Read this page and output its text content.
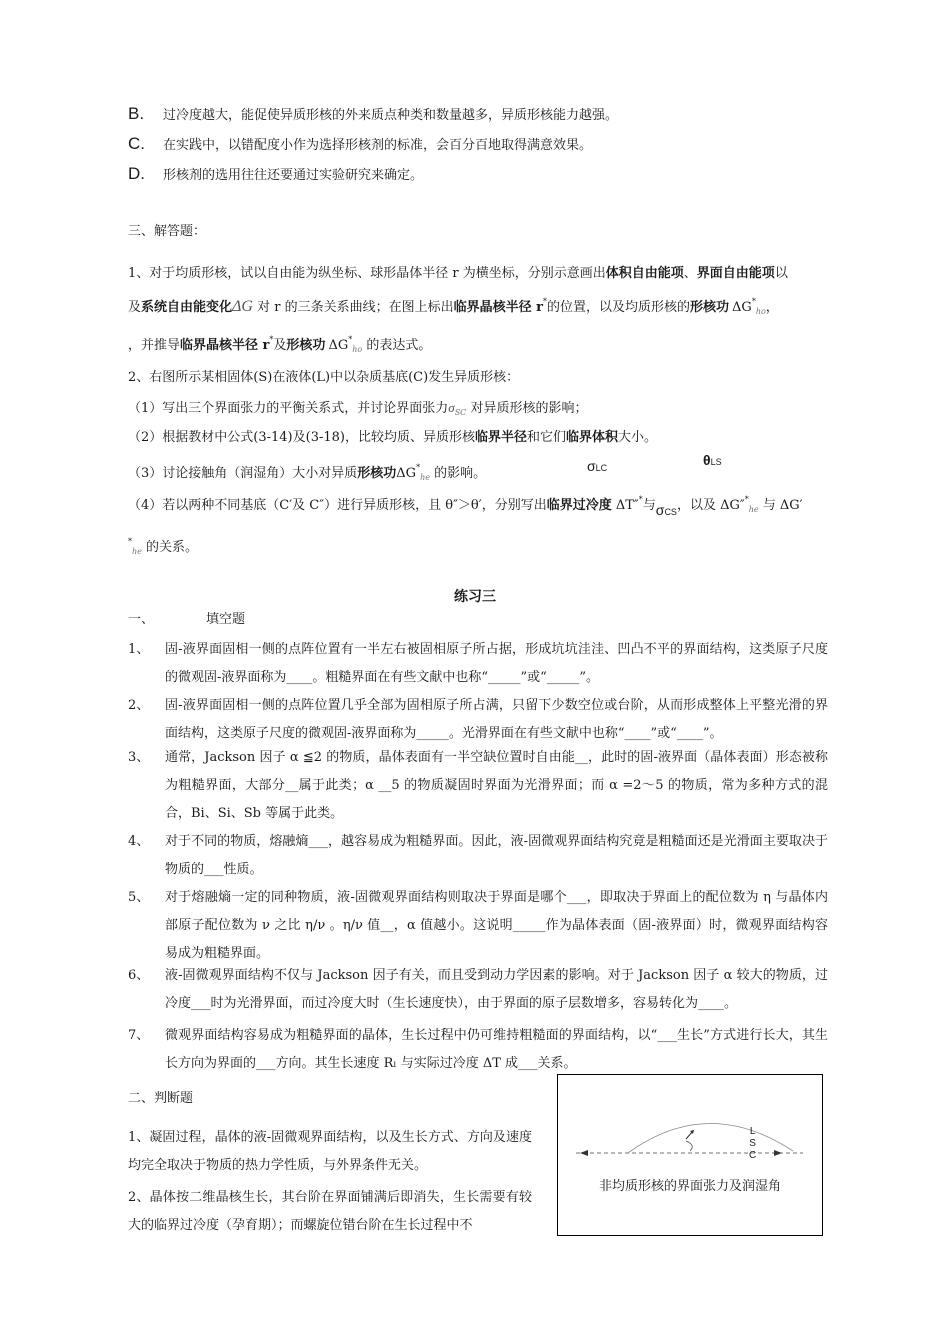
B.	过冷度越大，能促使异质形核的外来质点种类和数量越多，异质形核能力越强。
C.	在实践中，以错配度小作为选择形核剂的标准，会百分百地取得满意效果。
D.	形核剂的选用往往还要通过实验研究来确定。
三、解答题：
1、对于均质形核，试以自由能为纵坐标、球形晶体半径 r 为横坐标，分别示意画出体积自由能项、界面自由能项以
及系统自由能变化ΔG 对 r 的三条关系曲线；在图上标出临界晶核半径 r*的位置，以及均质形核的形核功 $\Delta G^*_{ho}$，
，并推导临界晶核半径 r*及形核功 $\Delta G^*_{ho}$ 的表达式。
2、右图所示某相固体(S)在液体(L)中以杂质基底(C)发生异质形核：
（1）写出三个界面张力的平衡关系式，并讨论界面张力$\sigma_{SC}$ 对异质形核的影响；
（2）根据教材中公式(3-14)及(3-18)，比较均质、异质形核临界半径和它们临界体积大小。
（3）讨论接触角（润湿角）大小对异质形核功$\Delta G^*_{he}$ 的影响。	σLC	θLS
（4）若以两种不同基底（C′及 C″）进行异质形核，且 θ″＞θ′，分别写出临界过冷度 ΔT″*与$\sigma_{CS}$，以及 $\Delta G''^*_{he}$ 与 ΔG′
*$_{he}$ 的关系。
练习三
一、	填空题
1、	固-液界面固相一侧的点阵位置有一半左右被固相原子所占据，形成坑坑洼洼、凹凸不平的界面结构，这类原子尺度的微观固-液界面称为____。粗糙界面在有些文献中也称“_____”或“_____”。
2、	固-液界面固相一侧的点阵位置几乎全部为固相原子所占满，只留下少数空位或台阶，从而形成整体上平整光滑的界面结构，这类原子尺度的微观固-液界面称为_____。光滑界面在有些文献中也称“____”或“____”。
3、	通常，Jackson 因子 α ≦2 的物质，晶体表面有一半空缺位置时自由能__，此时的固-液界面（晶体表面）形态被称为粗糙界面，大部分__属于此类；α __5 的物质凝固时界面为光滑界面；而 α =2～5 的物质，常为多种方式的混合，Bi、Si、Sb 等属于此类。
4、	对于不同的物质，熔融熵___，越容易成为粗糙界面。因此，液-固微观界面结构究竟是粗糙面还是光滑面主要取决于物质的___性质。
5、	对于熔融熵一定的同种物质，液-固微观界面结构则取决于界面是哪个___，即取决于界面上的配位数为 η 与晶体内部原子配位数为 ν 之比 η/ν 。η/ν 值__，α 值越小。这说明_____作为晶体表面（固-液界面）时，微观界面结构容易成为粗糙界面。
6、	液-固微观界面结构不仅与 Jackson 因子有关，而且受到动力学因素的影响。对于 Jackson 因子 α 较大的物质，过冷度___时为光滑界面，而过冷度大时（生长速度快），由于界面的原子层数增多，容易转化为____。
7、	微观界面结构容易成为粗糙界面的晶体，生长过程中仍可维持粗糙面的界面结构，以“___生长”方式进行长大，其生长方向为界面的___方向。其生长速度 Rₗ 与实际过冷度 ΔT 成___关系。
二、判断题
1、凝固过程，晶体的液-固微观界面结构，以及生长方式、方向及速度均完全取决于物质的热力学性质，与外界条件无关。
2、晶体按二维晶核生长，其台阶在界面铺满后即消失，生长需要有较大的临界过冷度（孕育期）；而螺旋位错台阶在生长过程中不
L
S
C
非均质形核的界面张力及润湿角
